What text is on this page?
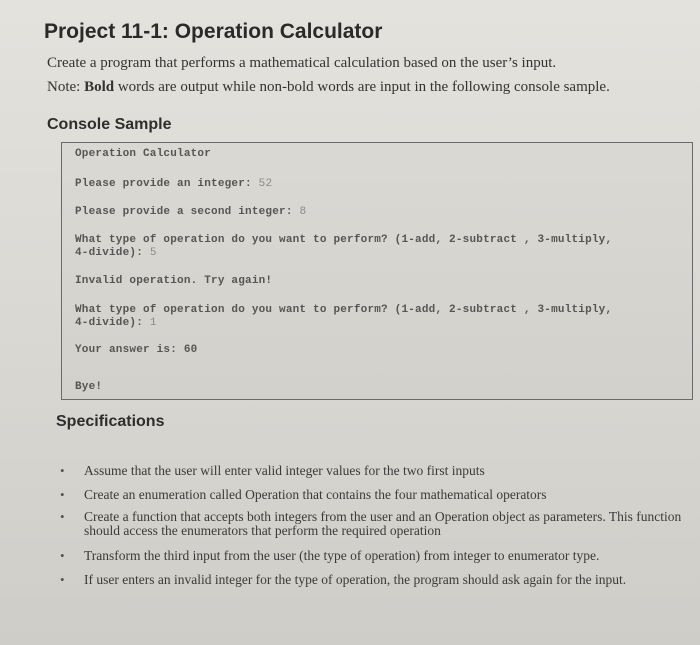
Project 11-1: Operation Calculator
Create a program that performs a mathematical calculation based on the user’s input.
Note: Bold words are output while non-bold words are input in the following console sample.
Console Sample
Operation Calculator
Please provide an integer: 52
Please provide a second integer: 8
What type of operation do you want to perform? (1-add, 2-subtract , 3-multiply,
4-divide): 5
Invalid operation. Try again!
What type of operation do you want to perform? (1-add, 2-subtract , 3-multiply,
4-divide): 1
Your answer is: 60
Bye!
Specifications
• Assume that the user will enter valid integer values for the two first inputs
• Create an enumeration called Operation that contains the four mathematical operators
• Create a function that accepts both integers from the user and an Operation object as parameters. This function should access the enumerators that perform the required operation
• Transform the third input from the user (the type of operation) from integer to enumerator type.
• If user enters an invalid integer for the type of operation, the program should ask again for the input.
